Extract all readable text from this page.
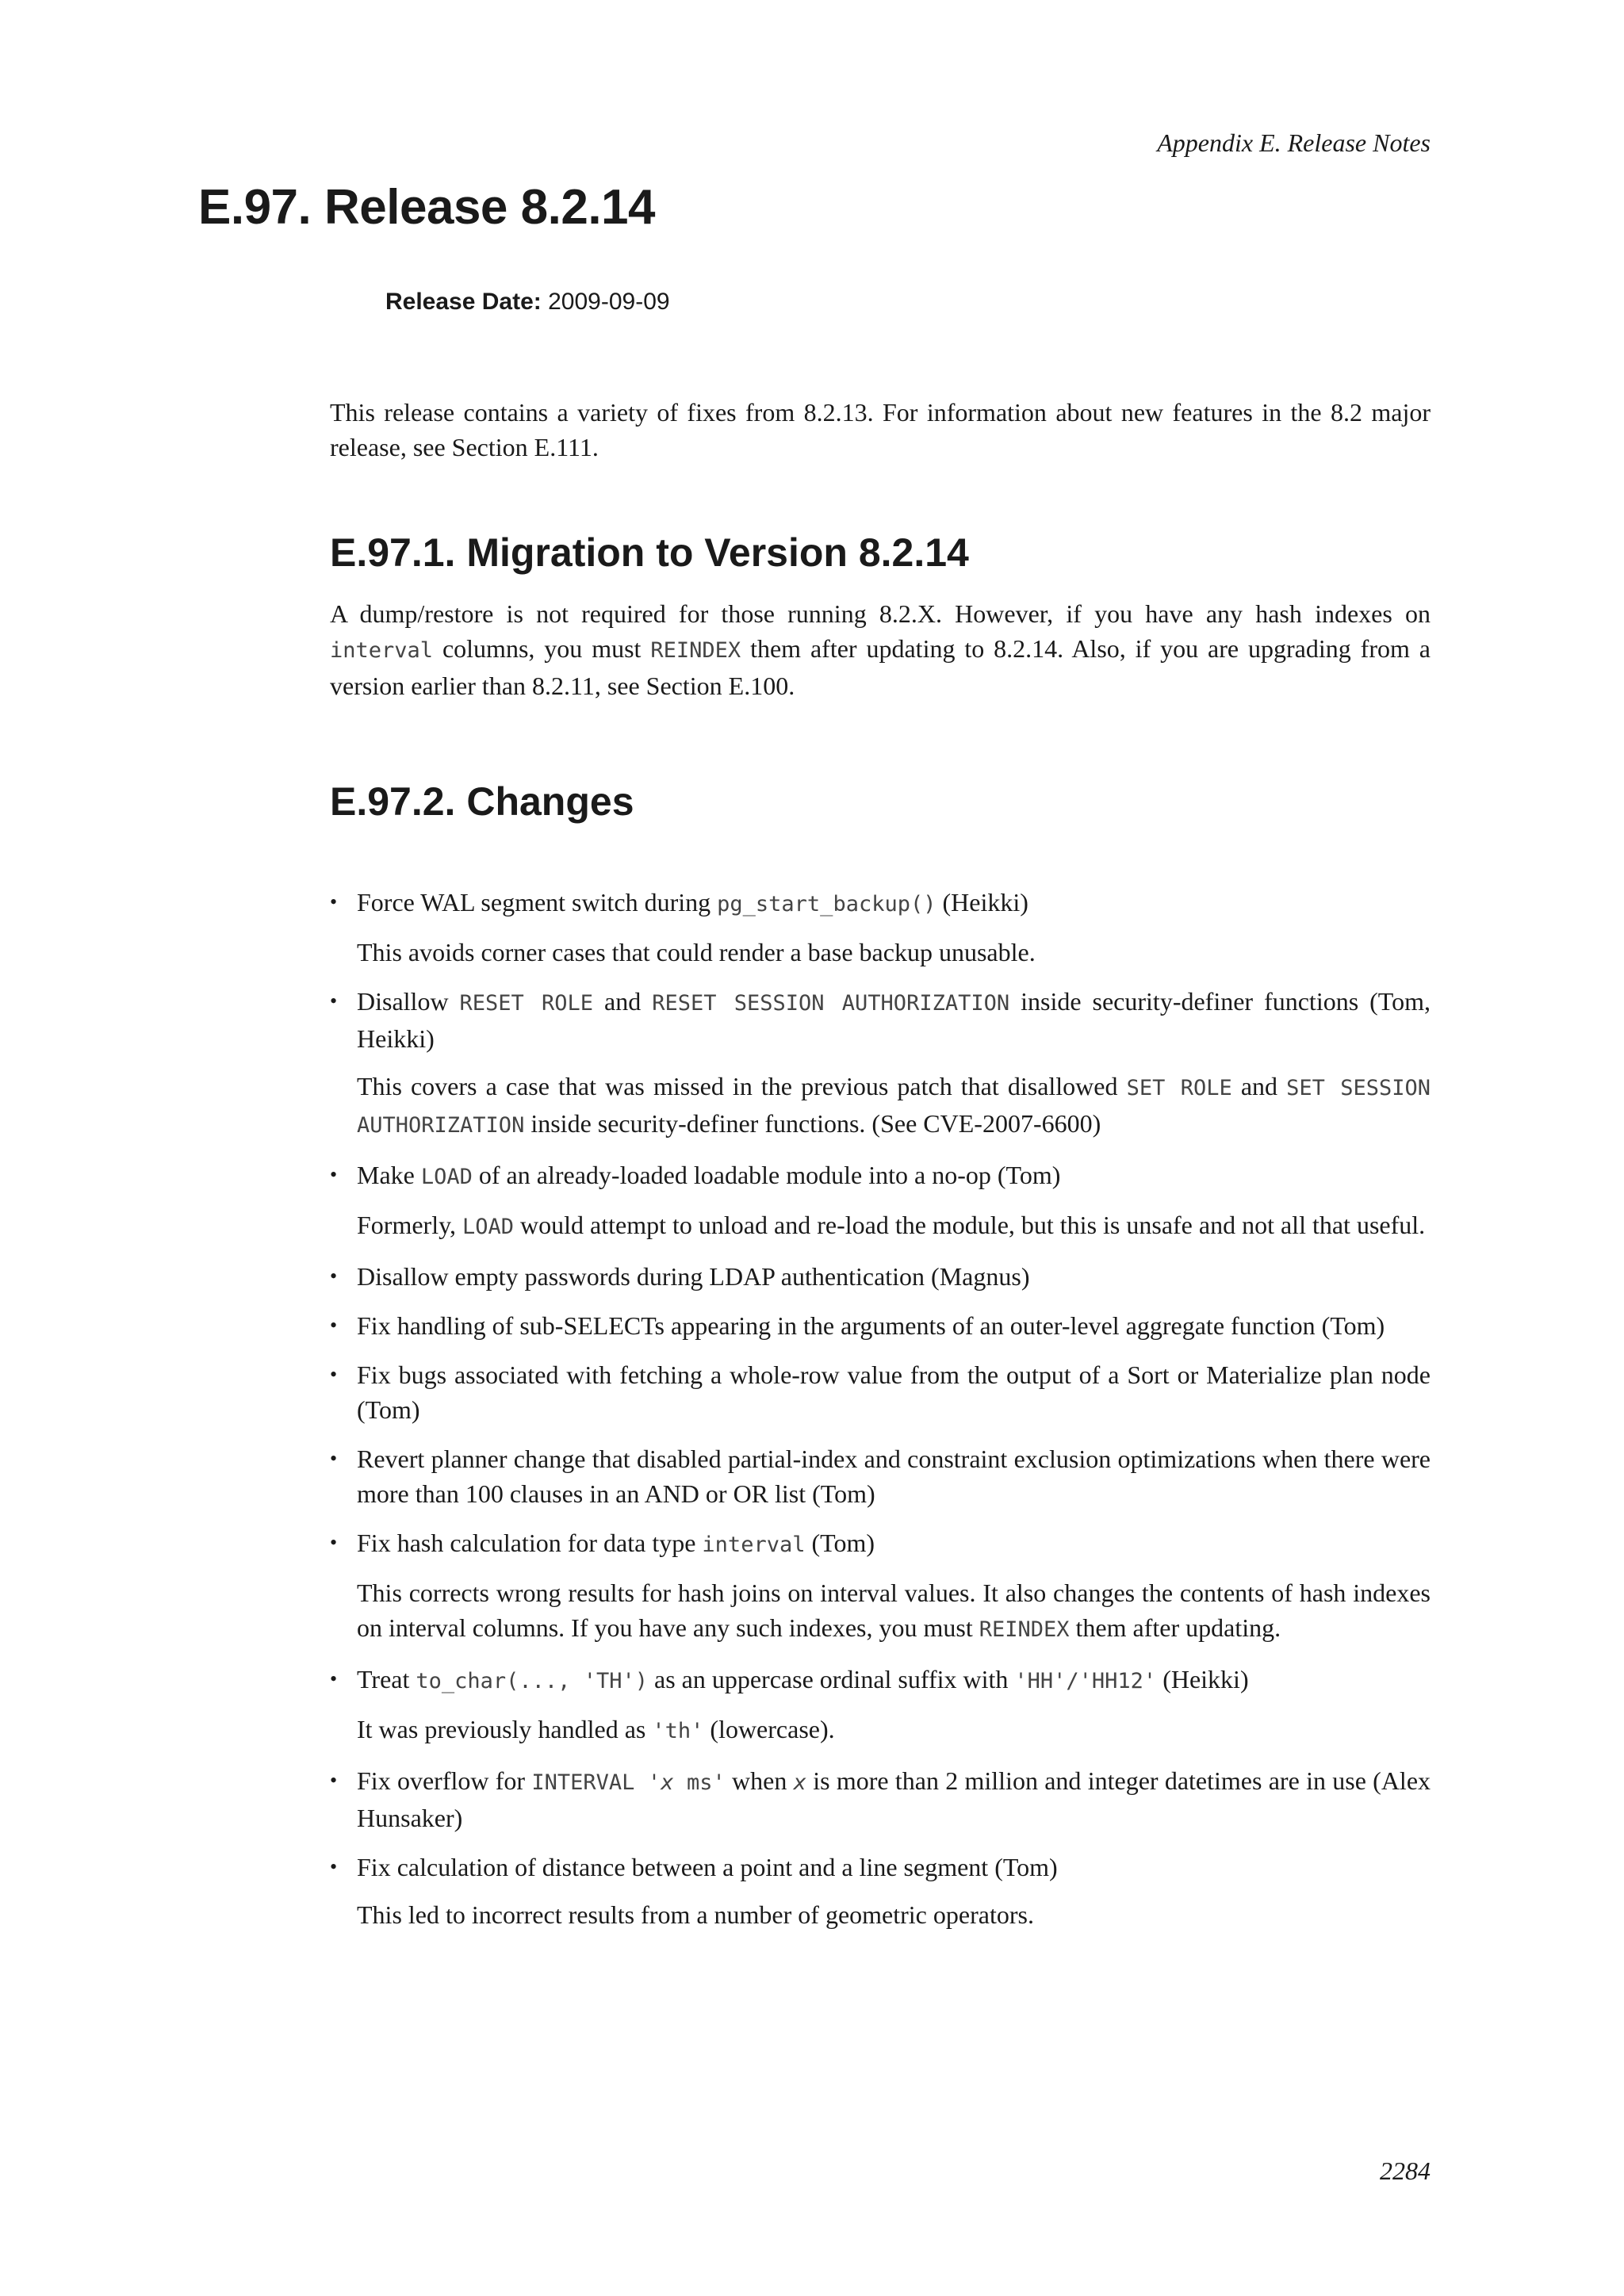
Appendix E. Release Notes
E.97. Release 8.2.14
Release Date: 2009-09-09

This release contains a variety of fixes from 8.2.13. For information about new features in the 8.2 major release, see Section E.111.

E.97.1. Migration to Version 8.2.14

A dump/restore is not required for those running 8.2.X. However, if you have any hash indexes on interval columns, you must REINDEX them after updating to 8.2.14. Also, if you are upgrading from a version earlier than 8.2.11, see Section E.100.

E.97.2. Changes
• Force WAL segment switch during pg_start_backup() (Heikki)
This avoids corner cases that could render a base backup unusable.
• Disallow RESET ROLE and RESET SESSION AUTHORIZATION inside security-definer functions (Tom, Heikki)
This covers a case that was missed in the previous patch that disallowed SET ROLE and SET SESSION AUTHORIZATION inside security-definer functions. (See CVE-2007-6600)
• Make LOAD of an already-loaded loadable module into a no-op (Tom)
Formerly, LOAD would attempt to unload and re-load the module, but this is unsafe and not all that useful.
• Disallow empty passwords during LDAP authentication (Magnus)
• Fix handling of sub-SELECTs appearing in the arguments of an outer-level aggregate function (Tom)
• Fix bugs associated with fetching a whole-row value from the output of a Sort or Materialize plan node (Tom)
• Revert planner change that disabled partial-index and constraint exclusion optimizations when there were more than 100 clauses in an AND or OR list (Tom)
• Fix hash calculation for data type interval (Tom)
This corrects wrong results for hash joins on interval values. It also changes the contents of hash indexes on interval columns. If you have any such indexes, you must REINDEX them after updating.
• Treat to_char(..., 'TH') as an uppercase ordinal suffix with 'HH'/'HH12' (Heikki)
It was previously handled as 'th' (lowercase).
• Fix overflow for INTERVAL 'x ms' when x is more than 2 million and integer datetimes are in use (Alex Hunsaker)
• Fix calculation of distance between a point and a line segment (Tom)
This led to incorrect results from a number of geometric operators.
2284
